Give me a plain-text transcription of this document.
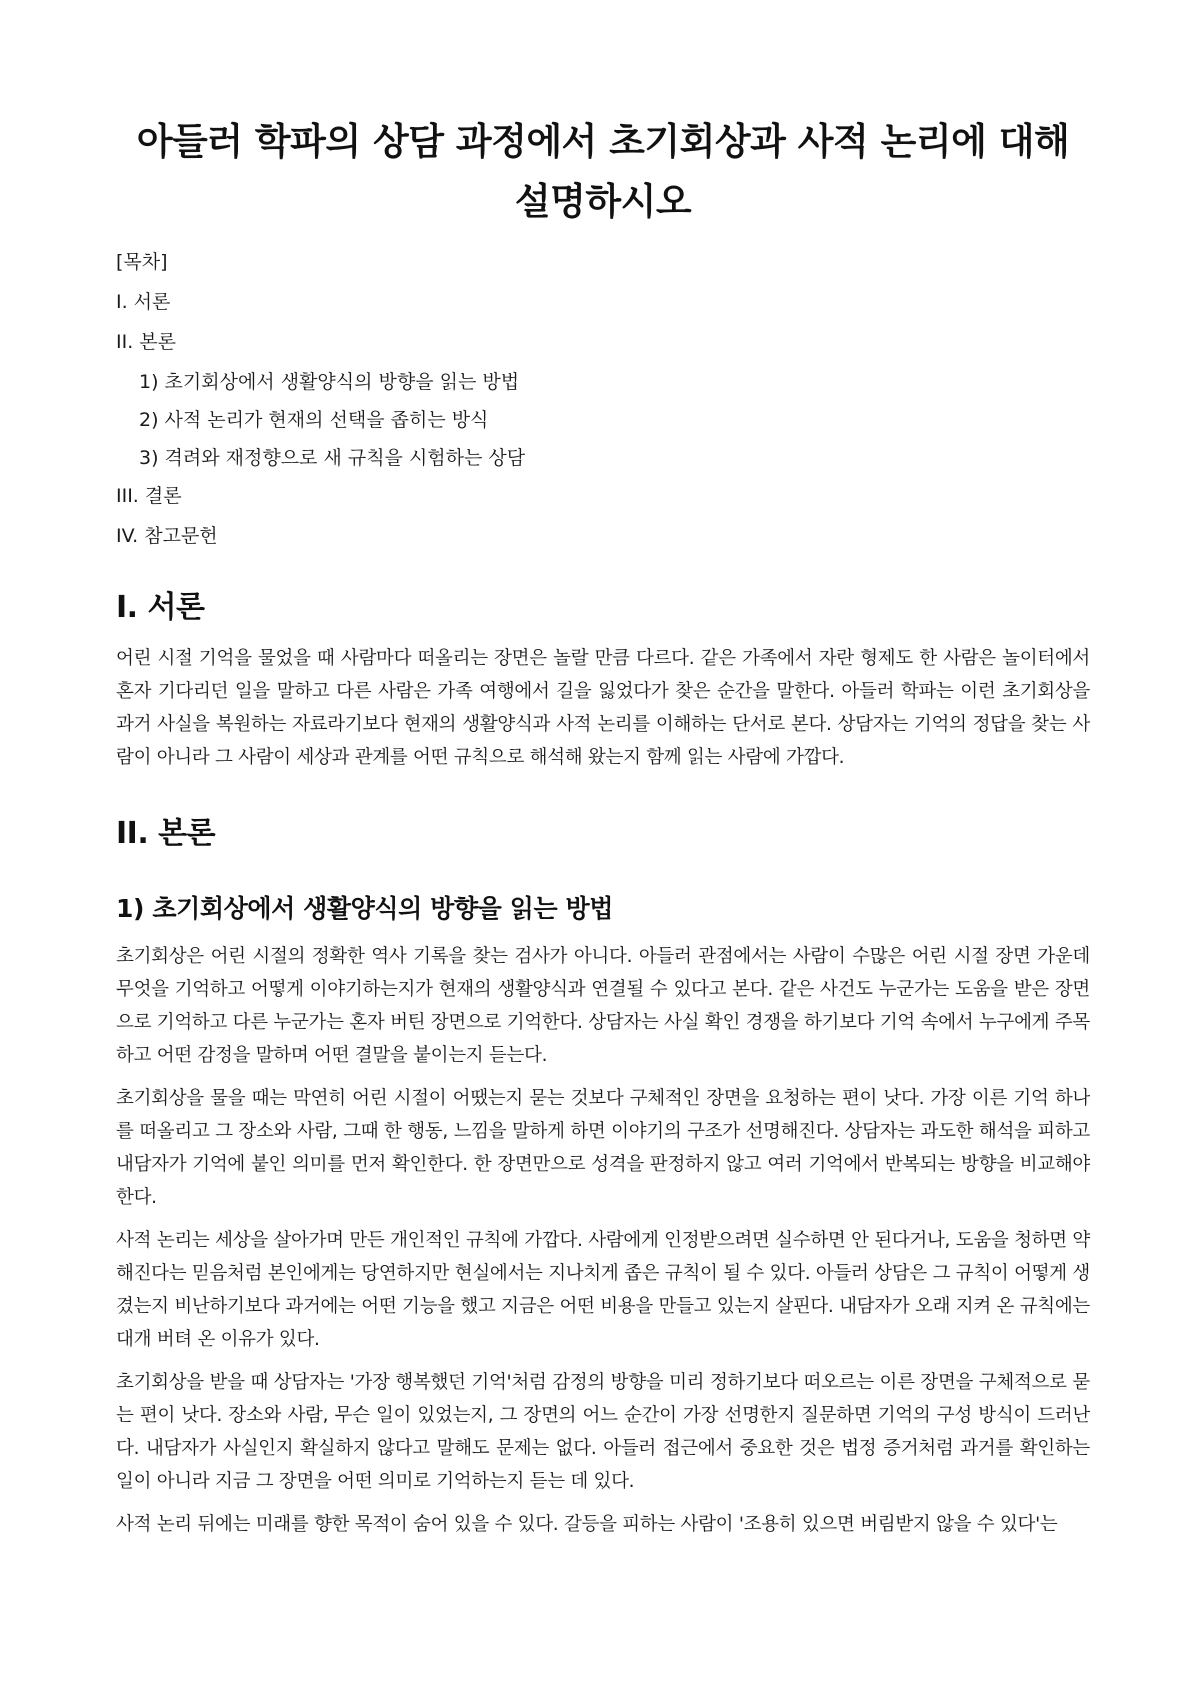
아들러 학파의 상담 과정에서 초기회상과 사적 논리에 대해 설명하시오
[목차]
I. 서론
II. 본론
1) 초기회상에서 생활양식의 방향을 읽는 방법
2) 사적 논리가 현재의 선택을 좁히는 방식
3) 격려와 재정향으로 새 규칙을 시험하는 상담
III. 결론
IV. 참고문헌
I. 서론

어린 시절 기억을 물었을 때 사람마다 떠올리는 장면은 놀랄 만큼 다르다. 같은 가족에서 자란 형제도 한 사람은 놀이터에서 혼자 기다리던 일을 말하고 다른 사람은 가족 여행에서 길을 잃었다가 찾은 순간을 말한다. 아들러 학파는 이런 초기회상을 과거 사실을 복원하는 자료라기보다 현재의 생활양식과 사적 논리를 이해하는 단서로 본다. 상담자는 기억의 정답을 찾는 사람이 아니라 그 사람이 세상과 관계를 어떤 규칙으로 해석해 왔는지 함께 읽는 사람에 가깝다.

II. 본론
1) 초기회상에서 생활양식의 방향을 읽는 방법

초기회상은 어린 시절의 정확한 역사 기록을 찾는 검사가 아니다. 아들러 관점에서는 사람이 수많은 어린 시절 장면 가운데 무엇을 기억하고 어떻게 이야기하는지가 현재의 생활양식과 연결될 수 있다고 본다. 같은 사건도 누군가는 도움을 받은 장면으로 기억하고 다른 누군가는 혼자 버틴 장면으로 기억한다. 상담자는 사실 확인 경쟁을 하기보다 기억 속에서 누구에게 주목하고 어떤 감정을 말하며 어떤 결말을 붙이는지 듣는다.

초기회상을 물을 때는 막연히 어린 시절이 어땠는지 묻는 것보다 구체적인 장면을 요청하는 편이 낫다. 가장 이른 기억 하나를 떠올리고 그 장소와 사람, 그때 한 행동, 느낌을 말하게 하면 이야기의 구조가 선명해진다. 상담자는 과도한 해석을 피하고 내담자가 기억에 붙인 의미를 먼저 확인한다. 한 장면만으로 성격을 판정하지 않고 여러 기억에서 반복되는 방향을 비교해야 한다.

사적 논리는 세상을 살아가며 만든 개인적인 규칙에 가깝다. 사람에게 인정받으려면 실수하면 안 된다거나, 도움을 청하면 약해진다는 믿음처럼 본인에게는 당연하지만 현실에서는 지나치게 좁은 규칙이 될 수 있다. 아들러 상담은 그 규칙이 어떻게 생겼는지 비난하기보다 과거에는 어떤 기능을 했고 지금은 어떤 비용을 만들고 있는지 살핀다. 내담자가 오래 지켜 온 규칙에는 대개 버텨 온 이유가 있다.

초기회상을 받을 때 상담자는 '가장 행복했던 기억'처럼 감정의 방향을 미리 정하기보다 떠오르는 이른 장면을 구체적으로 묻는 편이 낫다. 장소와 사람, 무슨 일이 있었는지, 그 장면의 어느 순간이 가장 선명한지 질문하면 기억의 구성 방식이 드러난다. 내담자가 사실인지 확실하지 않다고 말해도 문제는 없다. 아들러 접근에서 중요한 것은 법정 증거처럼 과거를 확인하는 일이 아니라 지금 그 장면을 어떤 의미로 기억하는지 듣는 데 있다.

사적 논리 뒤에는 미래를 향한 목적이 숨어 있을 수 있다. 갈등을 피하는 사람이 '조용히 있으면 버림받지 않을 수 있다'는
